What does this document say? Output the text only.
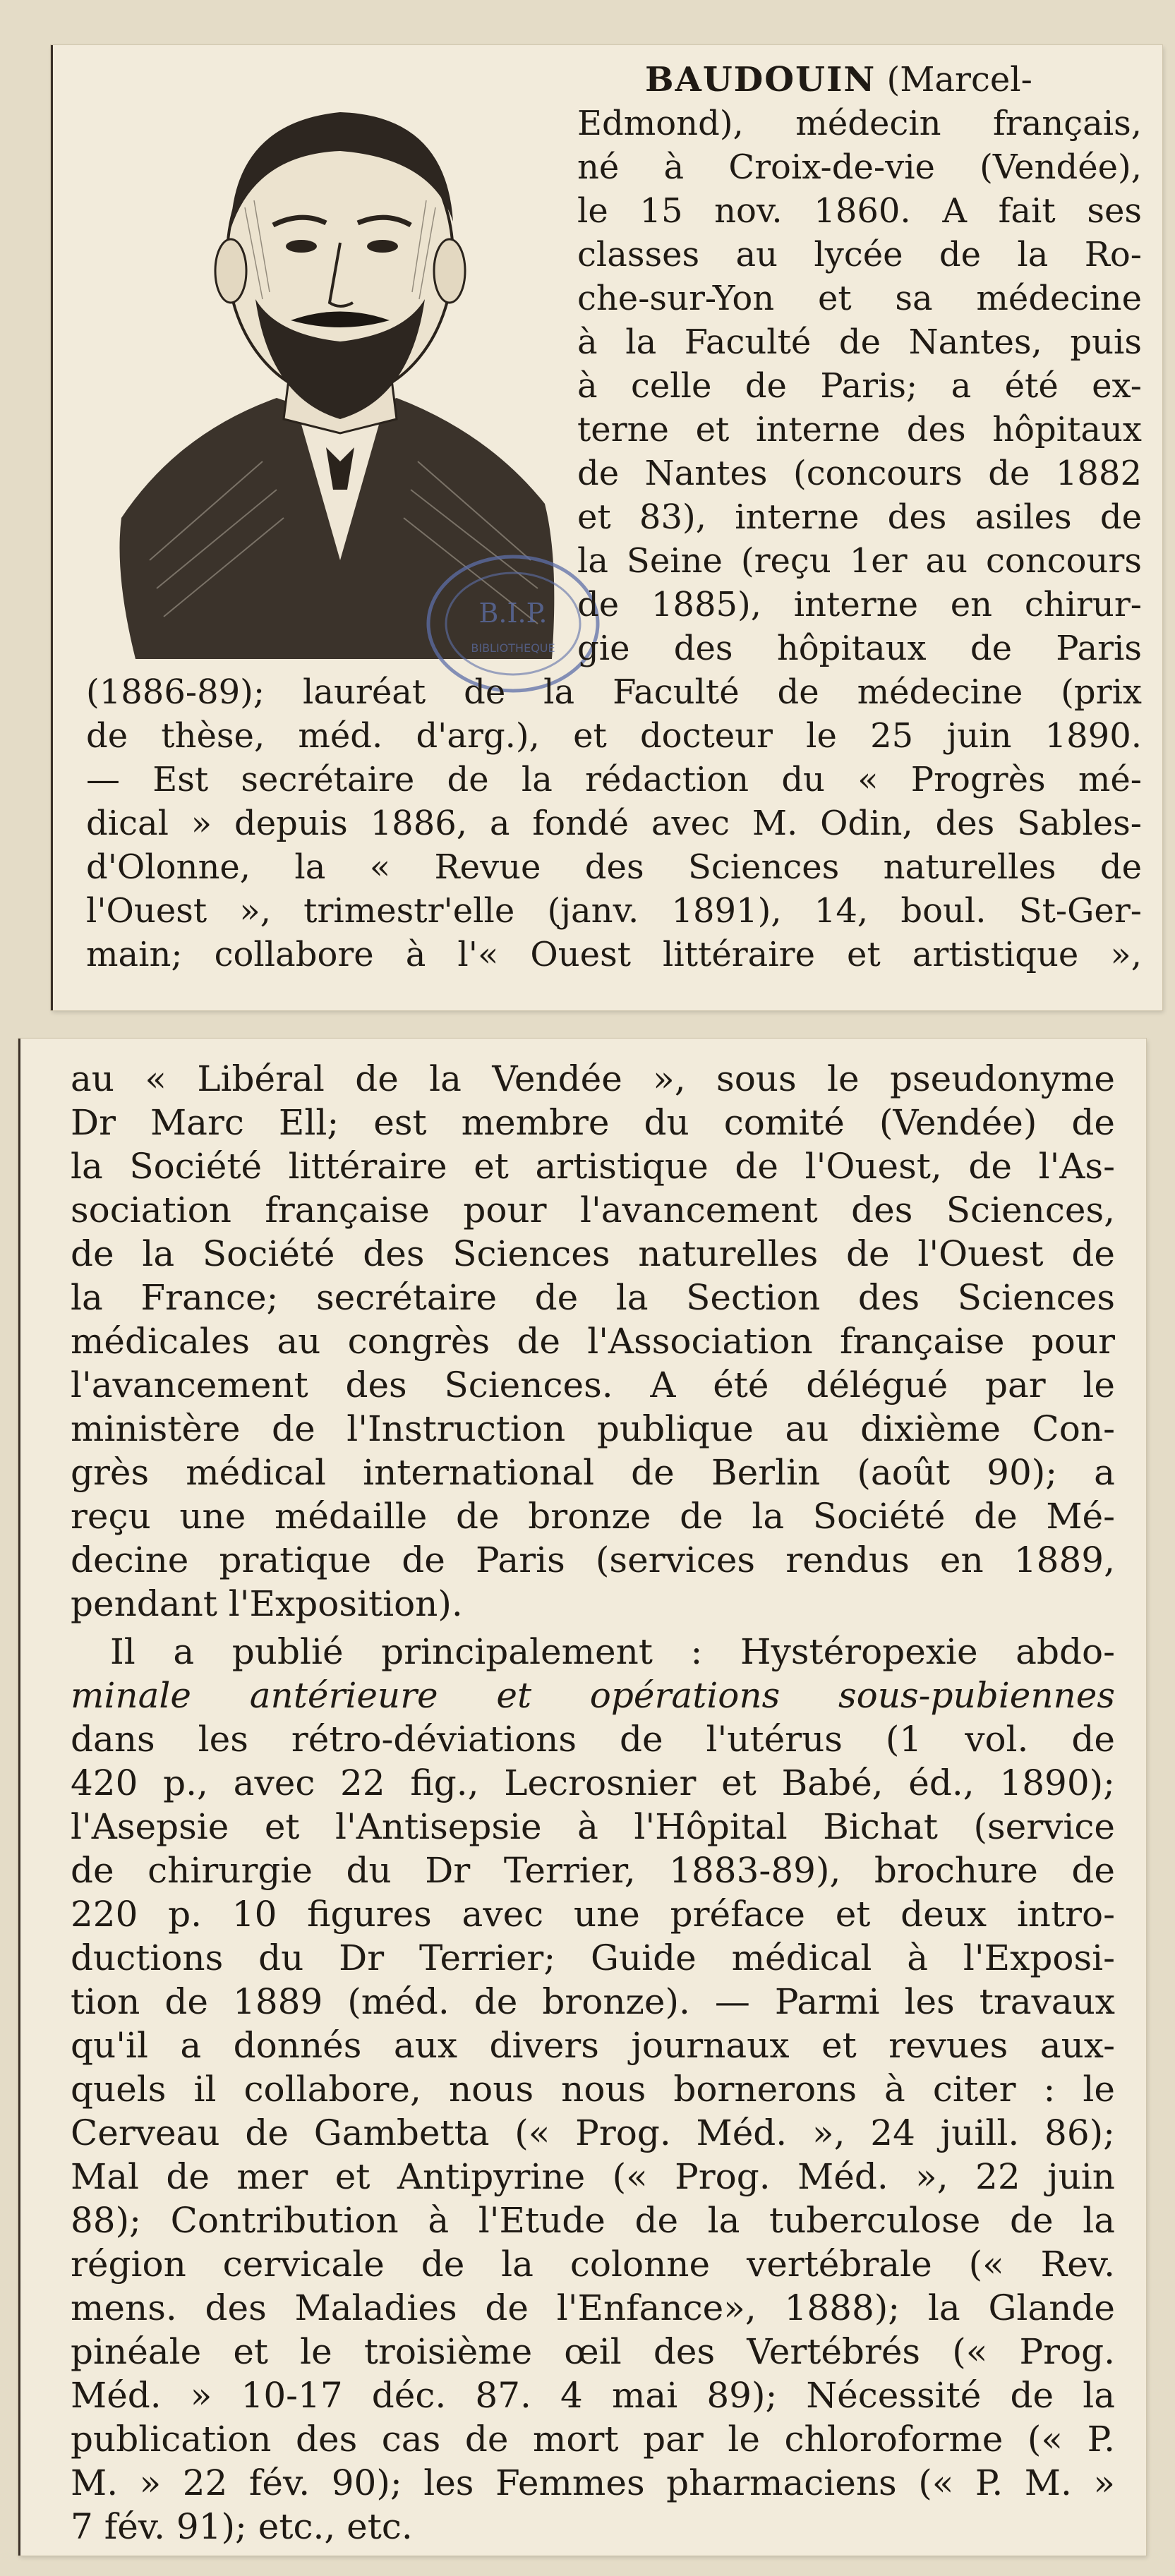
B.I.P.
BIBLIOTHEQUE
BAUDOUIN (Marcel-
Edmond), médecin français,
né à Croix-de-vie (Vendée),
le 15 nov. 1860. A fait ses
classes au lycée de la Ro-
che-sur-Yon et sa médecine
à la Faculté de Nantes, puis
à celle de Paris; a été ex-
terne et interne des hôpitaux
de Nantes (concours de 1882
et 83), interne des asiles de
la Seine (reçu 1er au concours
de 1885), interne en chirur-
gie des hôpitaux de Paris
(1886-89); lauréat de la Faculté de médecine (prix
de thèse, méd. d'arg.), et docteur le 25 juin 1890.
— Est secrétaire de la rédaction du « Progrès mé-
dical » depuis 1886, a fondé avec M. Odin, des Sables-
d'Olonne, la « Revue des Sciences naturelles de
l'Ouest », trimestr'elle (janv. 1891), 14, boul. St-Ger-
main; collabore à l'« Ouest littéraire et artistique »,
au « Libéral de la Vendée », sous le pseudonyme
Dr Marc Ell; est membre du comité (Vendée) de
la Société littéraire et artistique de l'Ouest, de l'As-
sociation française pour l'avancement des Sciences,
de la Société des Sciences naturelles de l'Ouest de
la France; secrétaire de la Section des Sciences
médicales au congrès de l'Association française pour
l'avancement des Sciences. A été délégué par le
ministère de l'Instruction publique au dixième Con-
grès médical international de Berlin (août 90); a
reçu une médaille de bronze de la Société de Mé-
decine pratique de Paris (services rendus en 1889,
pendant l'Exposition).
Il a publié principalement : Hystéropexie abdo-
minale antérieure et opérations sous-pubiennes
dans les rétro-déviations de l'utérus (1 vol. de
420 p., avec 22 fig., Lecrosnier et Babé, éd., 1890);
l'Asepsie et l'Antisepsie à l'Hôpital Bichat (service
de chirurgie du Dr Terrier, 1883-89), brochure de
220 p. 10 figures avec une préface et deux intro-
ductions du Dr Terrier; Guide médical à l'Exposi-
tion de 1889 (méd. de bronze). — Parmi les travaux
qu'il a donnés aux divers journaux et revues aux-
quels il collabore, nous nous bornerons à citer : le
Cerveau de Gambetta (« Prog. Méd. », 24 juill. 86);
Mal de mer et Antipyrine (« Prog. Méd. », 22 juin
88); Contribution à l'Etude de la tuberculose de la
région cervicale de la colonne vertébrale (« Rev.
mens. des Maladies de l'Enfance», 1888); la Glande
pinéale et le troisième œil des Vertébrés (« Prog.
Méd. » 10-17 déc. 87. 4 mai 89); Nécessité de la
publication des cas de mort par le chloroforme (« P.
M. » 22 fév. 90); les Femmes pharmaciens (« P. M. »
7 fév. 91); etc., etc.
